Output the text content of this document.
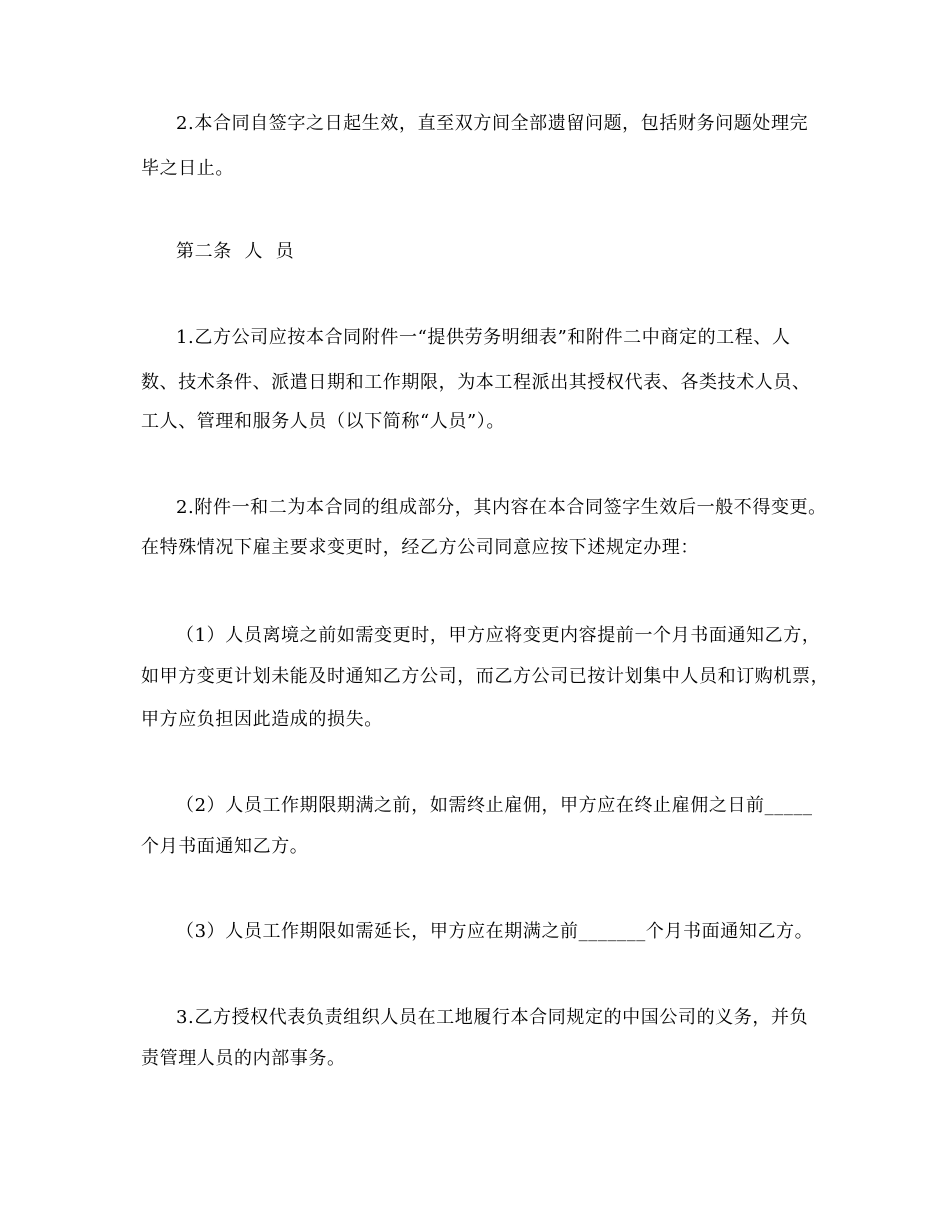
2.本合同自签字之日起生效，直至双方间全部遗留问题，包括财务问题处理完
毕之日止。
第二条  人  员
1.乙方公司应按本合同附件一“提供劳务明细表”和附件二中商定的工程、人
数、技术条件、派遣日期和工作期限，为本工程派出其授权代表、各类技术人员、
工人、管理和服务人员（以下简称“人员”）。
2.附件一和二为本合同的组成部分，其内容在本合同签字生效后一般不得变更。
在特殊情况下雇主要求变更时，经乙方公司同意应按下述规定办理：
（1）人员离境之前如需变更时，甲方应将变更内容提前一个月书面通知乙方，
如甲方变更计划未能及时通知乙方公司，而乙方公司已按计划集中人员和订购机票，
甲方应负担因此造成的损失。
（2）人员工作期限期满之前，如需终止雇佣，甲方应在终止雇佣之日前_____
个月书面通知乙方。
（3）人员工作期限如需延长，甲方应在期满之前_______个月书面通知乙方。
3.乙方授权代表负责组织人员在工地履行本合同规定的中国公司的义务，并负
责管理人员的内部事务。
